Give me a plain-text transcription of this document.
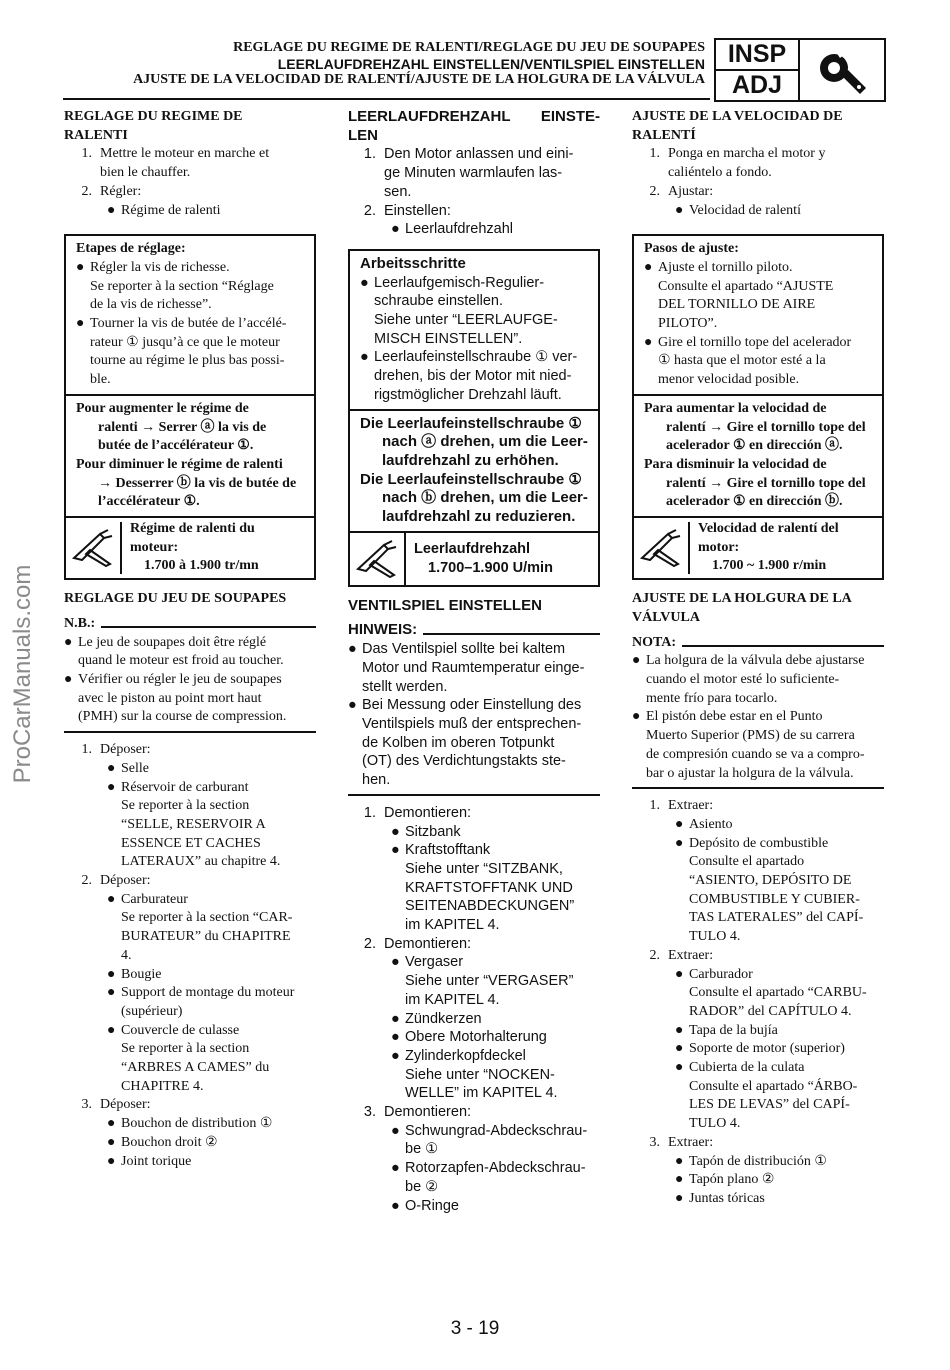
ProCarManuals.com
REGLAGE DU REGIME DE RALENTI/REGLAGE DU JEU DE SOUPAPES
LEERLAUFDREHZAHL EINSTELLEN/VENTILSPIEL EINSTELLEN
AJUSTE DE LA VELOCIDAD DE RALENTÍ/AJUSTE DE LA HOLGURA DE LA VÁLVULA
INSP
ADJ
REGLAGE DU REGIME DE
RALENTI
1. Mettre le moteur en marche et
bien le chauffer.
2. Régler:
● Régime de ralenti
Etapes de réglage:
● Régler la vis de richesse.
Se reporter à la section “Réglage
de la vis de richesse”.
● Tourner la vis de butée de l’accélé-
rateur ① jusqu’à ce que le moteur
tourne au régime le plus bas possi-
ble.
Pour augmenter le régime de
ralenti → Serrer ⓐ la vis de
butée de l’accélérateur ①.
Pour diminuer le régime de ralenti
→ Desserrer ⓑ la vis de butée de
l’accélérateur ①.
Régime de ralenti du
moteur:
1.700 à 1.900 tr/mn
REGLAGE DU JEU DE SOUPAPES
N.B.:
● Le jeu de soupapes doit être réglé
quand le moteur est froid au toucher.
● Vérifier ou régler le jeu de soupapes
avec le piston au point mort haut
(PMH) sur la course de compression.
1. Déposer:
● Selle
● Réservoir de carburant
Se reporter à la section
“SELLE, RESERVOIR A
ESSENCE ET CACHES
LATERAUX” au chapitre 4.
2. Déposer:
● Carburateur
Se reporter à la section “CAR-
BURATEUR” du CHAPITRE
4.
● Bougie
● Support de montage du moteur
(supérieur)
● Couvercle de culasse
Se reporter à la section
“ARBRES A CAMES” du
CHAPITRE 4.
3. Déposer:
● Bouchon de distribution ①
● Bouchon droit ②
● Joint torique
LEERLAUFDREHZAHL EINSTE-
LEN
1. Den Motor anlassen und eini-
ge Minuten warmlaufen las-
sen.
2. Einstellen:
● Leerlaufdrehzahl
Arbeitsschritte
● Leerlaufgemisch-Regulier-
schraube einstellen.
Siehe unter “LEERLAUFGE-
MISCH EINSTELLEN”.
● Leerlaufeinstellschraube ① ver-
drehen, bis der Motor mit nied-
rigstmöglicher Drehzahl läuft.
Die Leerlaufeinstellschraube ①
nach ⓐ drehen, um die Leer-
laufdrehzahl zu erhöhen.
Die Leerlaufeinstellschraube ①
nach ⓑ drehen, um die Leer-
laufdrehzahl zu reduzieren.
Leerlaufdrehzahl
1.700–1.900 U/min
VENTILSPIEL EINSTELLEN
HINWEIS:
● Das Ventilspiel sollte bei kaltem
Motor und Raumtemperatur einge-
stellt werden.
● Bei Messung oder Einstellung des
Ventilspiels muß der entsprechen-
de Kolben im oberen Totpunkt
(OT) des Verdichtungstakts ste-
hen.
1. Demontieren:
● Sitzbank
● Kraftstofftank
Siehe unter “SITZBANK,
KRAFTSTOFFTANK UND
SEITENABDECKUNGEN”
im KAPITEL 4.
2. Demontieren:
● Vergaser
Siehe unter “VERGASER”
im KAPITEL 4.
● Zündkerzen
● Obere Motorhalterung
● Zylinderkopfdeckel
Siehe unter “NOCKEN-
WELLE” im KAPITEL 4.
3. Demontieren:
● Schwungrad-Abdeckschrau-
be ①
● Rotorzapfen-Abdeckschrau-
be ②
● O-Ringe
AJUSTE DE LA VELOCIDAD DE
RALENTÍ
1. Ponga en marcha el motor y
caliéntelo a fondo.
2. Ajustar:
● Velocidad de ralentí
Pasos de ajuste:
● Ajuste el tornillo piloto.
Consulte el apartado “AJUSTE
DEL TORNILLO DE AIRE
PILOTO”.
● Gire el tornillo tope del acelerador
① hasta que el motor esté a la
menor velocidad posible.
Para aumentar la velocidad de
ralentí → Gire el tornillo tope del
acelerador ① en dirección ⓐ.
Para disminuir la velocidad de
ralentí → Gire el tornillo tope del
acelerador ① en dirección ⓑ.
Velocidad de ralentí del
motor:
1.700 ~ 1.900 r/min
AJUSTE DE LA HOLGURA DE LA
VÁLVULA
NOTA:
● La holgura de la válvula debe ajustarse
cuando el motor esté lo suficiente-
mente frío para tocarlo.
● El pistón debe estar en el Punto
Muerto Superior (PMS) de su carrera
de compresión cuando se va a compro-
bar o ajustar la holgura de la válvula.
1. Extraer:
● Asiento
● Depósito de combustible
Consulte el apartado
“ASIENTO, DEPÓSITO DE
COMBUSTIBLE Y CUBIER-
TAS LATERALES” del CAPÍ-
TULO 4.
2. Extraer:
● Carburador
Consulte el apartado “CARBU-
RADOR” del CAPÍTULO 4.
● Tapa de la bujía
● Soporte de motor (superior)
● Cubierta de la culata
Consulte el apartado “ÁRBO-
LES DE LEVAS” del CAPÍ-
TULO 4.
3. Extraer:
● Tapón de distribución ①
● Tapón plano ②
● Juntas tóricas
3 - 19
